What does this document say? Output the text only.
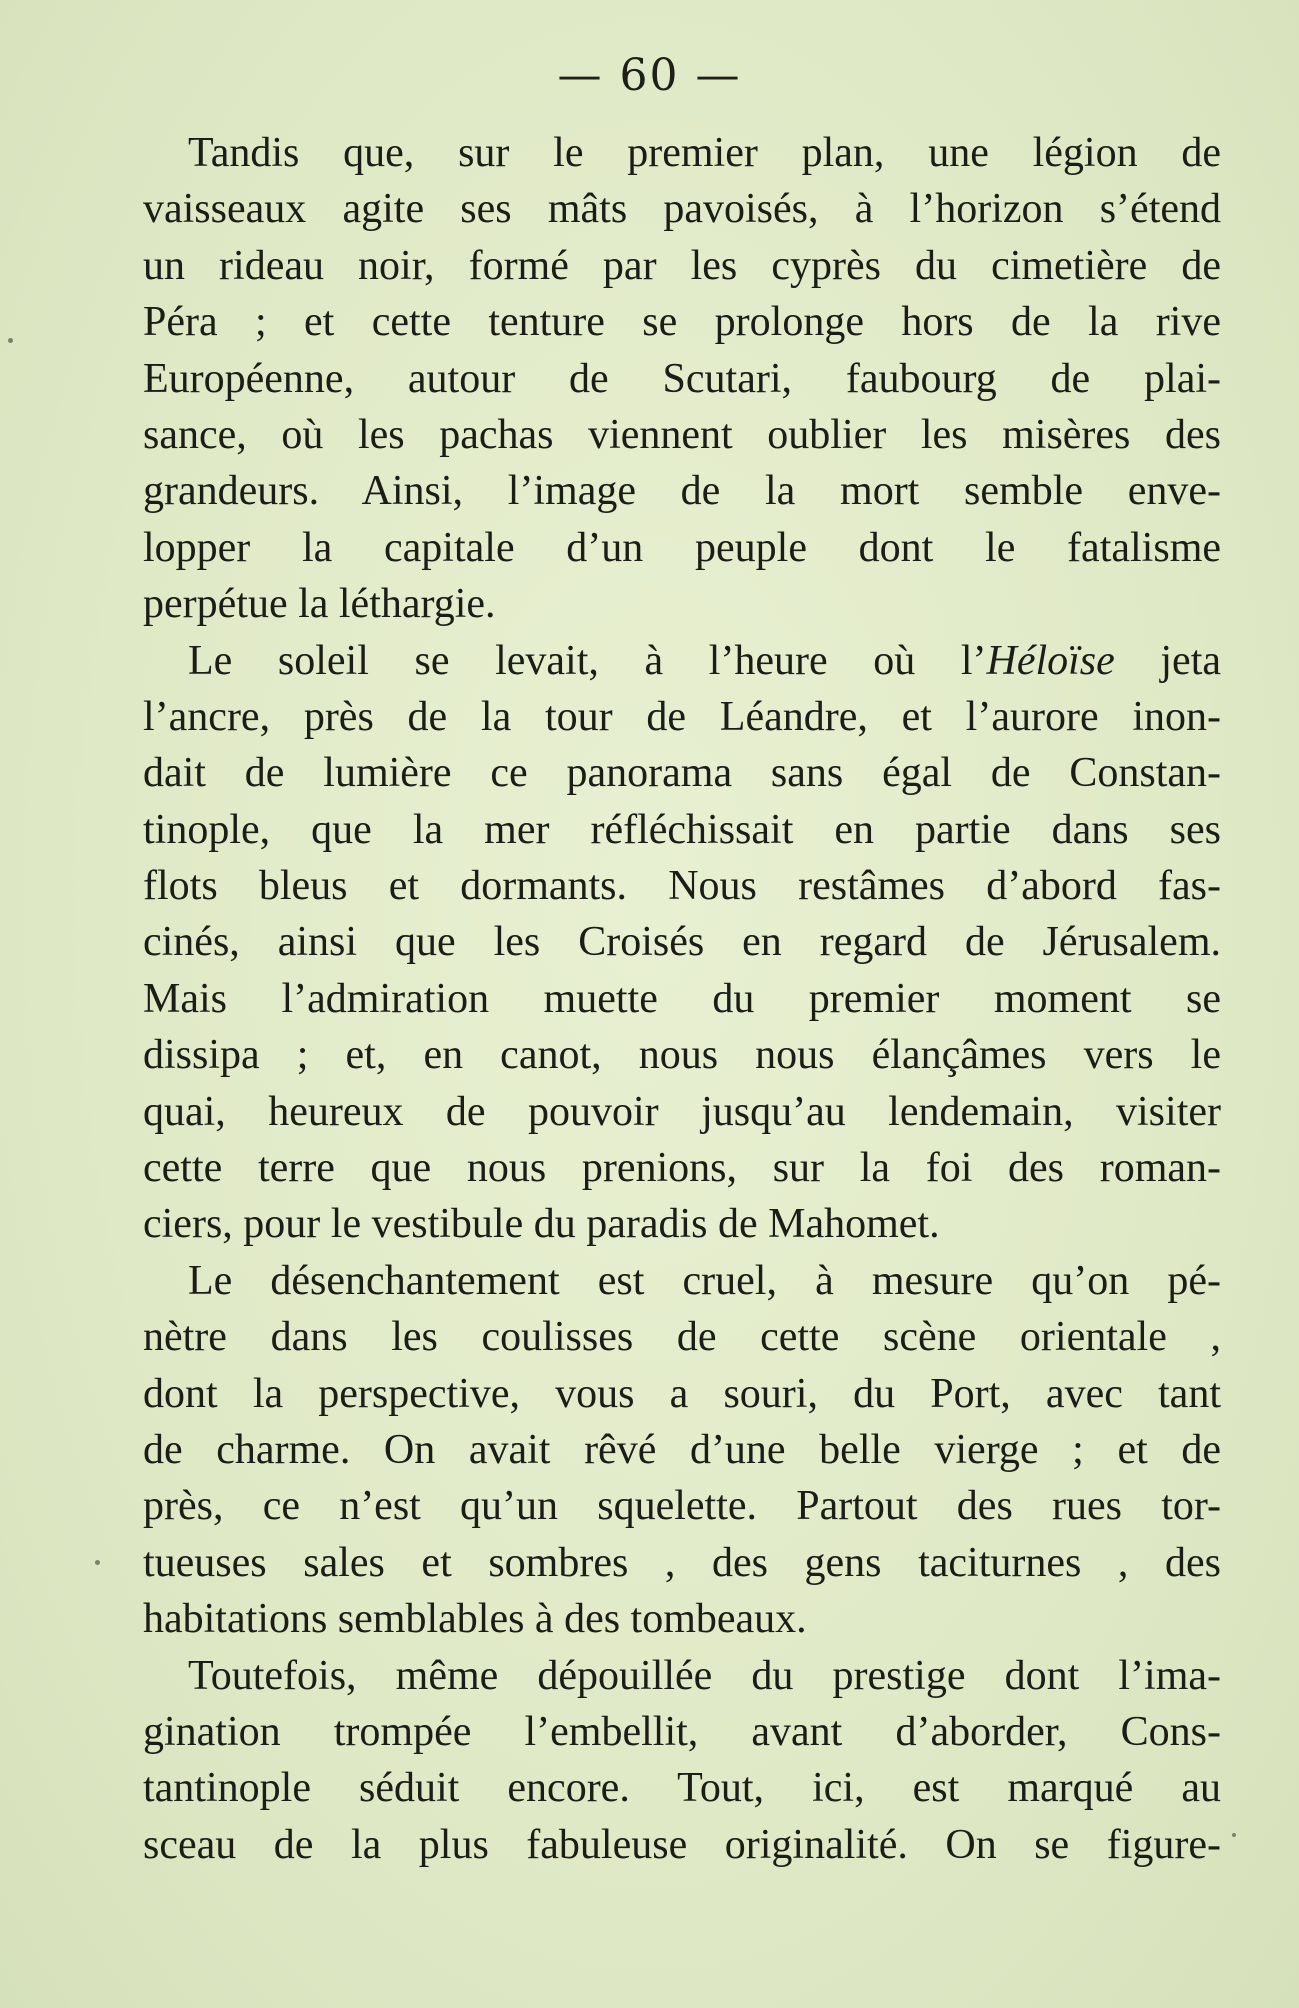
— 60 —
Tandis que, sur le premier plan, une légion de
vaisseaux agite ses mâts pavoisés, à l’horizon s’étend
un rideau noir, formé par les cyprès du cimetière de
Péra ; et cette tenture se prolonge hors de la rive
Européenne, autour de Scutari, faubourg de plai-
sance, où les pachas viennent oublier les misères des
grandeurs. Ainsi, l’image de la mort semble enve-
lopper la capitale d’un peuple dont le fatalisme
perpétue la léthargie.
Le soleil se levait, à l’heure où l’Héloïse jeta
l’ancre, près de la tour de Léandre, et l’aurore inon-
dait de lumière ce panorama sans égal de Constan-
tinople, que la mer réfléchissait en partie dans ses
flots bleus et dormants. Nous restâmes d’abord fas-
cinés, ainsi que les Croisés en regard de Jérusalem.
Mais l’admiration muette du premier moment se
dissipa ; et, en canot, nous nous élançâmes vers le
quai, heureux de pouvoir jusqu’au lendemain, visiter
cette terre que nous prenions, sur la foi des roman-
ciers, pour le vestibule du paradis de Mahomet.
Le désenchantement est cruel, à mesure qu’on pé-
nètre dans les coulisses de cette scène orientale ,
dont la perspective, vous a souri, du Port, avec tant
de charme. On avait rêvé d’une belle vierge ; et de
près, ce n’est qu’un squelette. Partout des rues tor-
tueuses sales et sombres , des gens taciturnes , des
habitations semblables à des tombeaux.
Toutefois, même dépouillée du prestige dont l’ima-
gination trompée l’embellit, avant d’aborder, Cons-
tantinople séduit encore. Tout, ici, est marqué au
sceau de la plus fabuleuse originalité. On se figure-
